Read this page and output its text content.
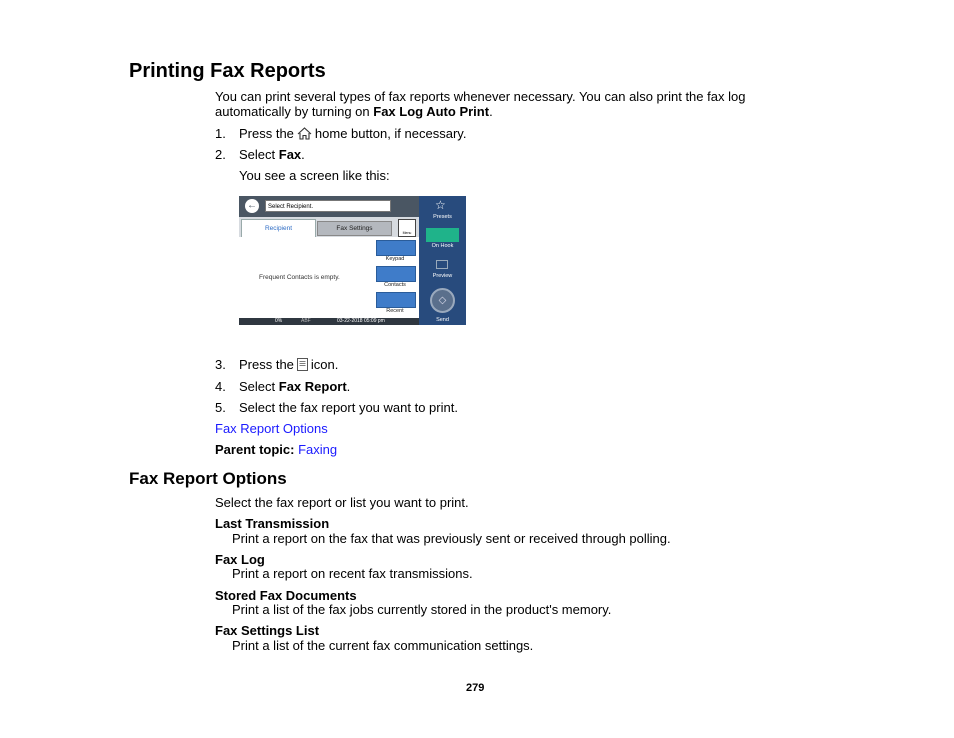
Printing Fax Reports
You can print several types of fax reports whenever necessary. You can also print the fax log
automatically by turning on Fax Log Auto Print.
1. Press the home button, if necessary.
2. Select Fax.
You see a screen like this:
←	Select Recipient.
Recipient	Fax Settings
Menu
Frequent Contacts is empty.
Keypad
Contacts
Recent
0%	ABF	03-22-2018 05:09 pm
☆
Presets
On Hook
Preview
◇
Send
3. Press the icon.
4. Select Fax Report.
5. Select the fax report you want to print.
Fax Report Options
Parent topic: Faxing
Fax Report Options
Select the fax report or list you want to print.
Last Transmission
Print a report on the fax that was previously sent or received through polling.
Fax Log
Print a report on recent fax transmissions.
Stored Fax Documents
Print a list of the fax jobs currently stored in the product's memory.
Fax Settings List
Print a list of the current fax communication settings.
279
